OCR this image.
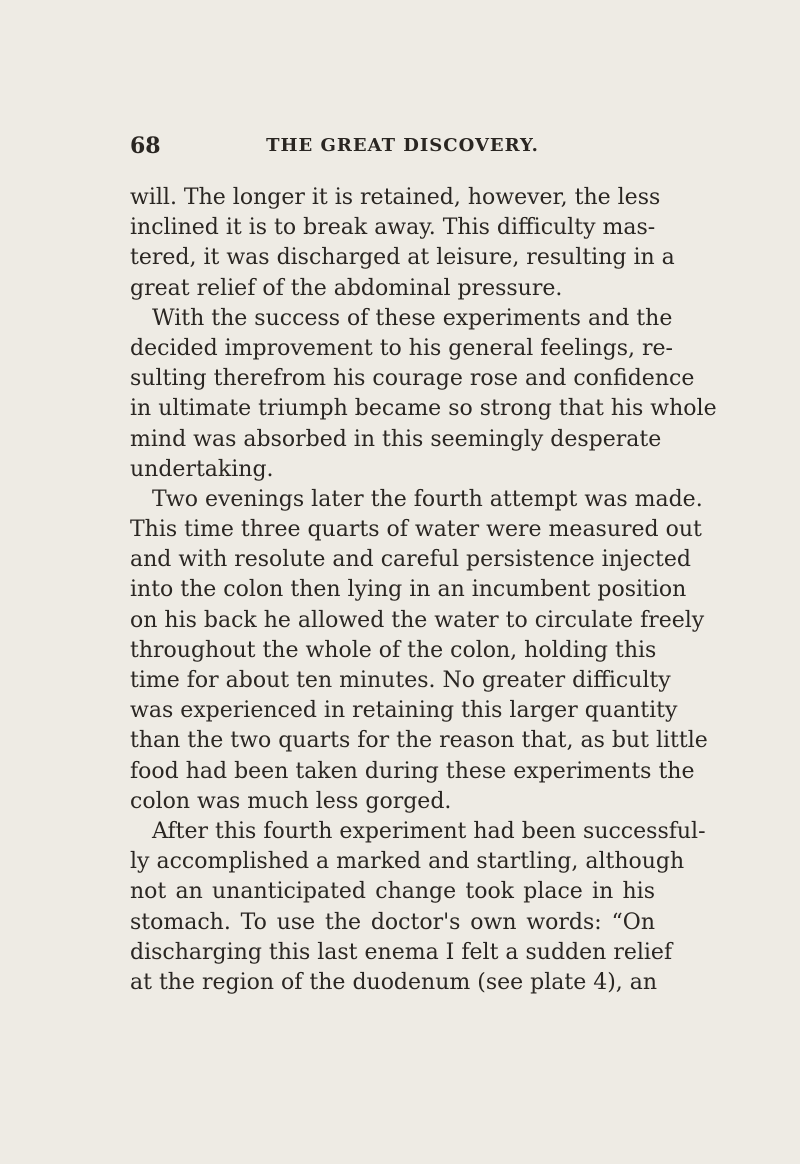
68	THE GREAT DISCOVERY.
will. The longer it is retained, however, the less
inclined it is to break away. This difficulty mas-
tered, it was discharged at leisure, resulting in a
great relief of the abdominal pressure.
With the success of these experiments and the
decided improvement to his general feelings, re-
sulting therefrom his courage rose and confidence
in ultimate triumph became so strong that his whole
mind was absorbed in this seemingly desperate
undertaking.
Two evenings later the fourth attempt was made.
This time three quarts of water were measured out
and with resolute and careful persistence injected
into the colon then lying in an incumbent position
on his back he allowed the water to circulate freely
throughout the whole of the colon, holding this
time for about ten minutes. No greater difficulty
was experienced in retaining this larger quantity
than the two quarts for the reason that, as but little
food had been taken during these experiments the
colon was much less gorged.
After this fourth experiment had been successful-
ly accomplished a marked and startling, although
not an unanticipated change took place in his
stomach. To use the doctor's own words: “On
discharging this last enema I felt a sudden relief
at the region of the duodenum (see plate 4), an
